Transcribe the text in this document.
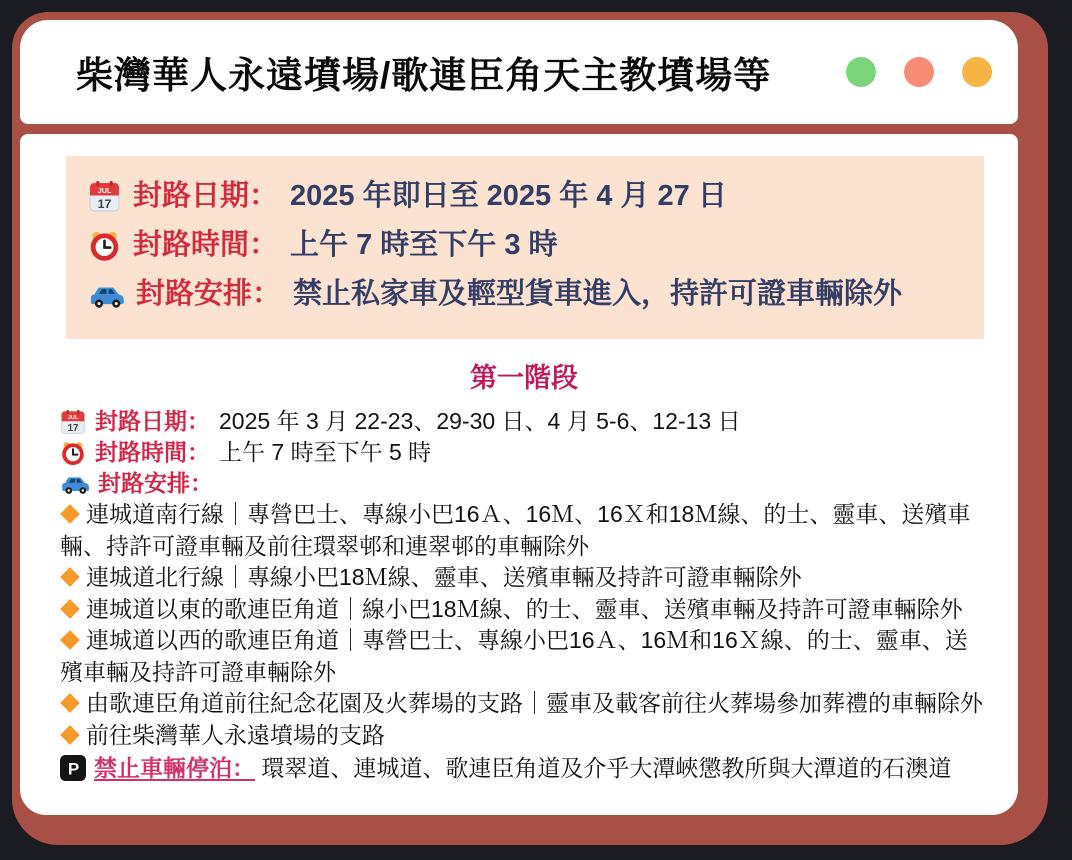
柴灣華人永遠墳場/歌連臣角天主教墳場等
封路日期： 2025 年即日至 2025 年 4 月 27 日
封路時間： 上午 7 時至下午 3 時
封路安排： 禁止私家車及輕型貨車進入，持許可證車輛除外
第一階段
封路日期： 2025 年 3 月 22-23、29-30 日、4 月 5-6、12-13 日
封路時間： 上午 7 時至下午 5 時
封路安排：

連城道南行線｜專營巴士、專線小巴16Ａ、16Ｍ、16Ｘ和18Ｍ線、的士、靈車、送殯車輛、持許可證車輛及前往環翠邨和連翠邨的車輛除外

連城道北行線｜專線小巴18Ｍ線、靈車、送殯車輛及持許可證車輛除外

連城道以東的歌連臣角道｜線小巴18Ｍ線、的士、靈車、送殯車輛及持許可證車輛除外

連城道以西的歌連臣角道｜專營巴士、專線小巴16Ａ、16Ｍ和16Ｘ線、的士、靈車、送殯車輛及持許可證車輛除外

由歌連臣角道前往紀念花園及火葬場的支路｜靈車及載客前往火葬場參加葬禮的車輛除外

前往柴灣華人永遠墳場的支路

禁止車輛停泊： 環翠道、連城道、歌連臣角道及介乎大潭峽懲教所與大潭道的石澳道
